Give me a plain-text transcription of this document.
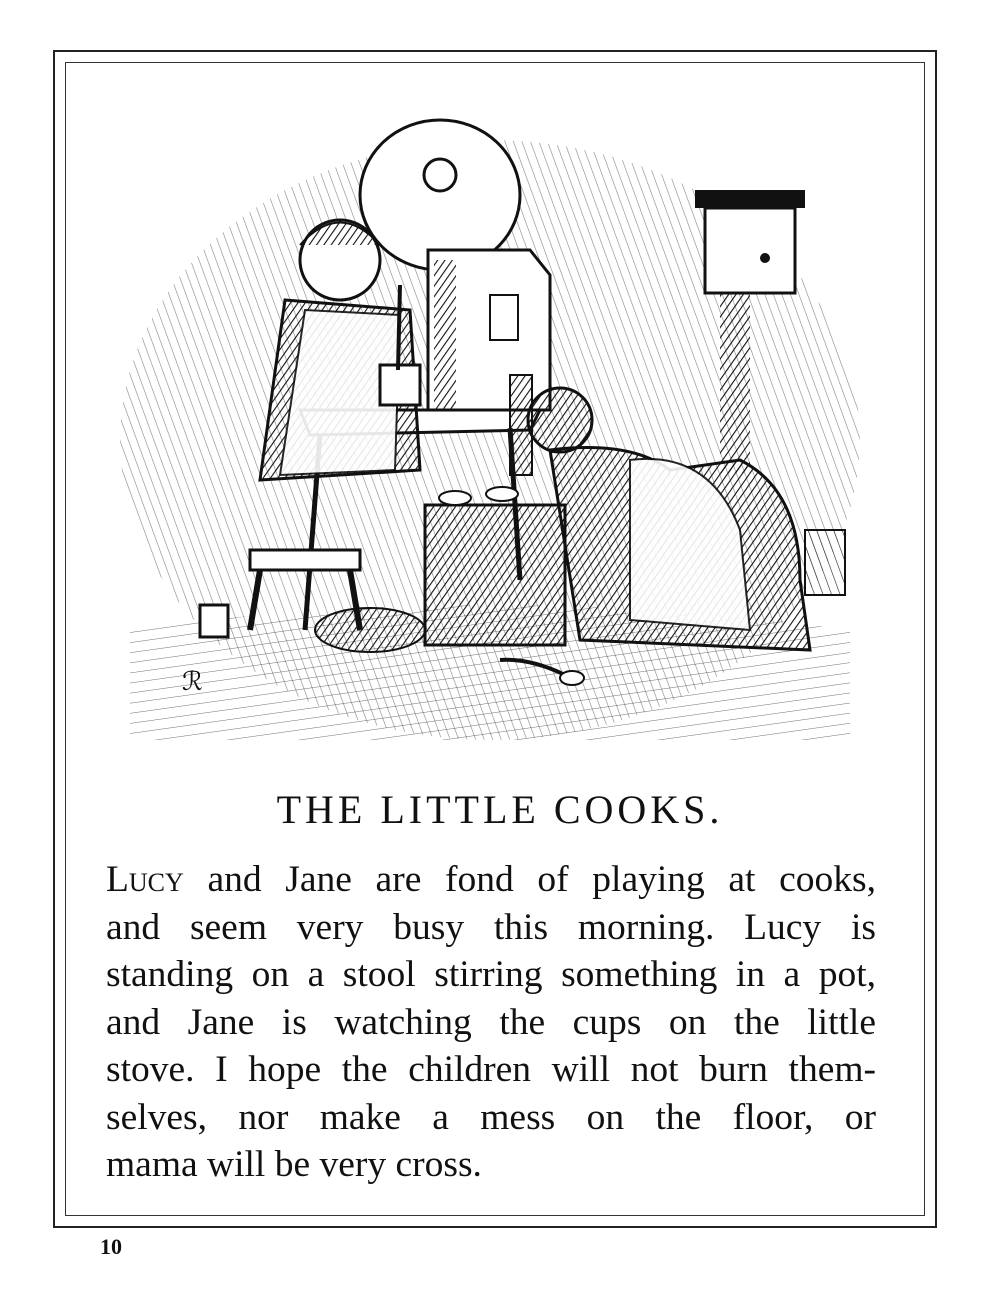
ℛ
THE LITTLE COOKS.
Lucy and Jane are fond of playing at cooks,
and seem very busy this morning. Lucy is
standing on a stool stirring something in a pot,
and Jane is watching the cups on the little
stove. I hope the children will not burn them-
selves, nor make a mess on the floor, or
mama will be very cross.
10
